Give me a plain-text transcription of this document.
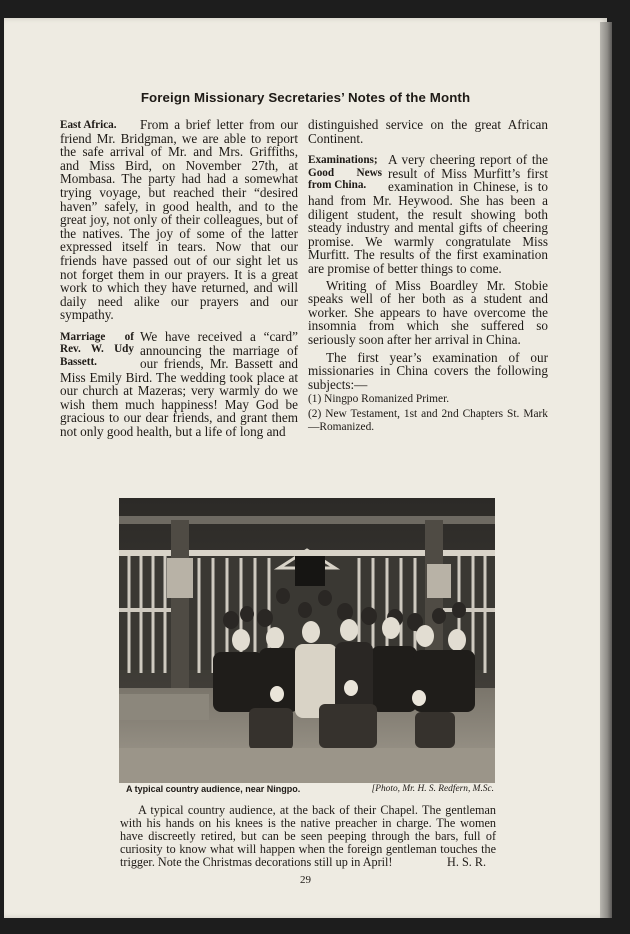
Foreign Missionary Secretaries’ Notes of the Month

East Africa.	From a brief letter from our friend Mr. Bridgman, we are able to report the safe arrival of Mr. and Mrs. Griffiths, and Miss Bird, on November 27th, at Mombasa. The party had had a somewhat trying voyage, but reached their “desired haven” safely, in good health, and to the great joy, not only of their colleagues, but of the natives. The joy of some of the latter expressed itself in tears. Now that our friends have passed out of our sight let us not forget them in our prayers. It is a great work to which they have returned, and will daily need alike our prayers and our sympathy.

Marriage of Rev. W. Udy Bassett.
We have received a “card” announcing the marriage of our friends, Mr. Bassett and Miss Emily Bird. The wedding took place at our church at Mazeras; very warmly do we wish them much happiness! May God be gracious to our dear friends, and grant them not only good health, but a life of long and

distinguished service on the great African Continent.

Examinations; Good News from China.
A very cheering report of the result of Miss Murfitt’s first examination in Chinese, is to hand from Mr. Heywood. She has been a diligent student, the result showing both steady industry and mental gifts of cheering promise. We warmly congratulate Miss Murfitt. The results of the first examination are promise of better things to come.

Writing of Miss Boardley Mr. Stobie speaks well of her both as a student and worker. She appears to have overcome the insomnia from which she suffered so seriously soon after her arrival in China.

The first year’s examination of our missionaries in China covers the following subjects:—

(1) Ningpo Romanized Primer.

(2) New Testament, 1st and 2nd Chapters St. Mark—Romanized.

A typical country audience, near Ningpo.	[Photo, Mr. H. S. Redfern, M.Sc.
A typical country audience, at the back of their Chapel. The gentleman with his hands on his knees is the native preacher in charge. The women have discreetly retired, but can be seen peeping through the bars, full of curiosity to know what will happen when the foreign gentleman touches the trigger. Note the Christmas decorations still up in April!	H. S. R.
29
